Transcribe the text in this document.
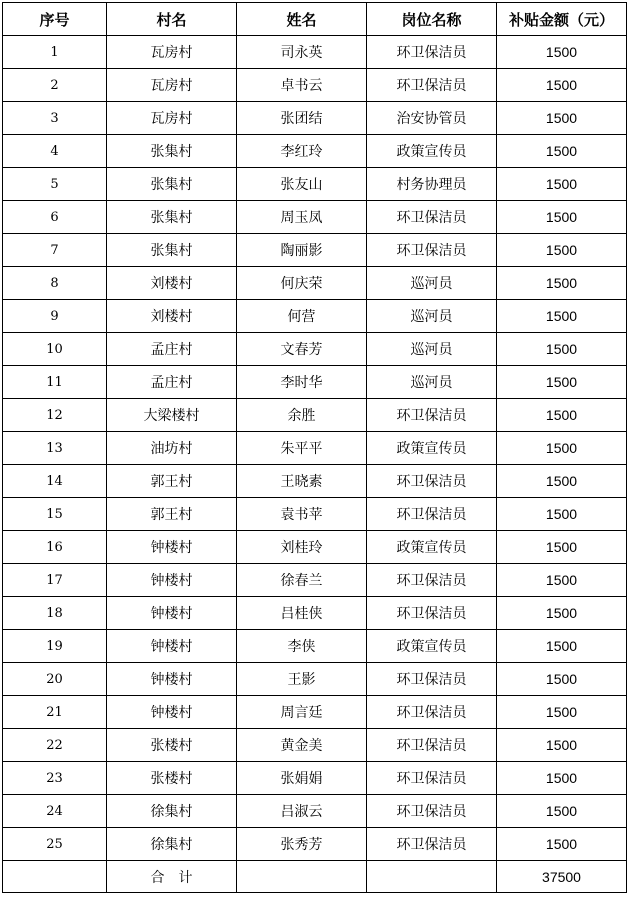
序号	村名	姓名	岗位名称	补贴金额（元）
1	瓦房村	司永英	环卫保洁员	1500
2	瓦房村	卓书云	环卫保洁员	1500
3	瓦房村	张团结	治安协管员	1500
4	张集村	李红玲	政策宣传员	1500
5	张集村	张友山	村务协理员	1500
6	张集村	周玉凤	环卫保洁员	1500
7	张集村	陶丽影	环卫保洁员	1500
8	刘楼村	何庆荣	巡河员	1500
9	刘楼村	何营	巡河员	1500
10	孟庄村	文春芳	巡河员	1500
11	孟庄村	李时华	巡河员	1500
12	大梁楼村	余胜	环卫保洁员	1500
13	油坊村	朱平平	政策宣传员	1500
14	郭王村	王晓素	环卫保洁员	1500
15	郭王村	袁书苹	环卫保洁员	1500
16	钟楼村	刘桂玲	政策宣传员	1500
17	钟楼村	徐春兰	环卫保洁员	1500
18	钟楼村	吕桂侠	环卫保洁员	1500
19	钟楼村	李侠	政策宣传员	1500
20	钟楼村	王影	环卫保洁员	1500
21	钟楼村	周言廷	环卫保洁员	1500
22	张楼村	黄金美	环卫保洁员	1500
23	张楼村	张娟娟	环卫保洁员	1500
24	徐集村	吕淑云	环卫保洁员	1500
25	徐集村	张秀芳	环卫保洁员	1500
	合　计			37500
